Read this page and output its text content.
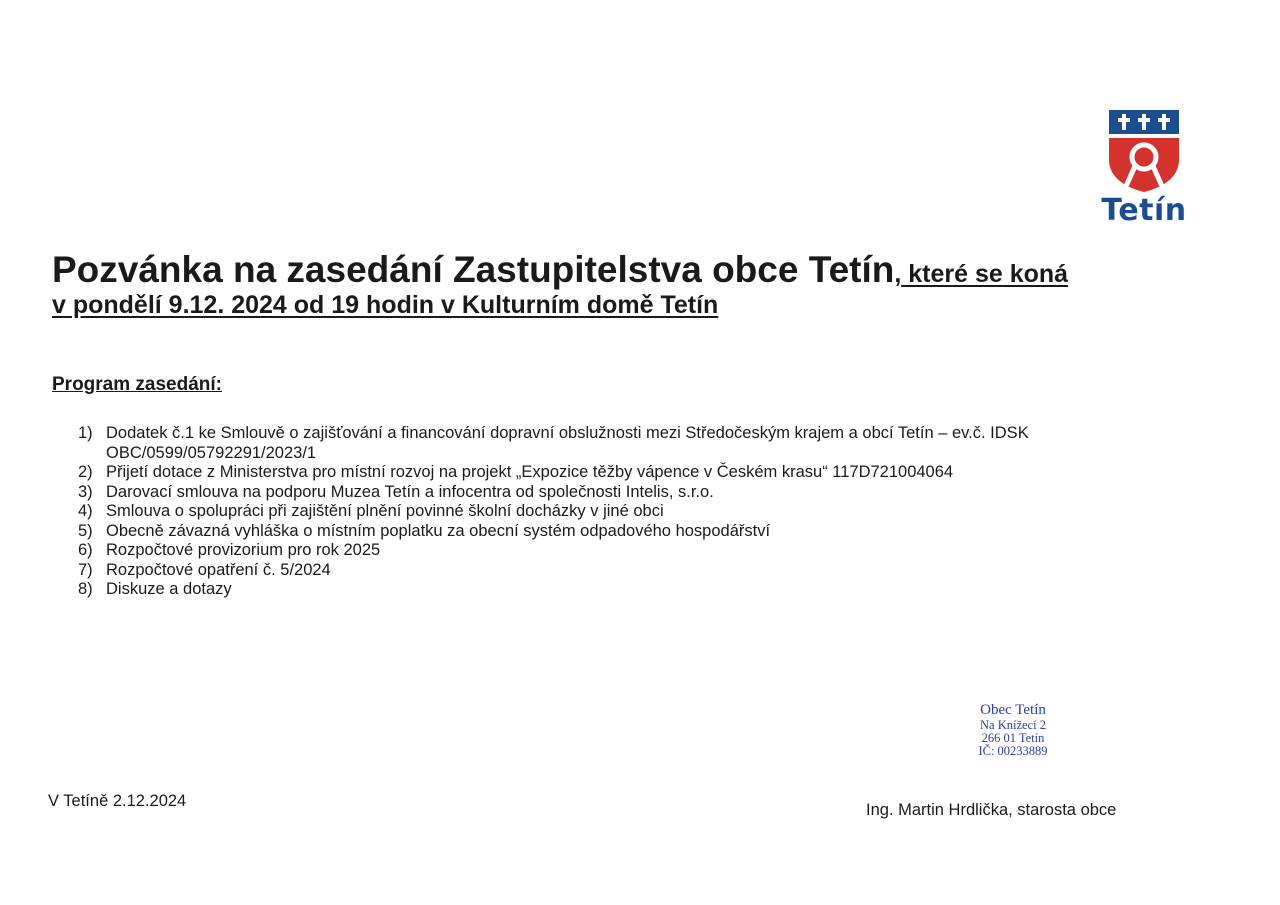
Tetín
Pozvánka na zasedání Zastupitelstva obce Tetín, které se koná
v pondělí 9.12. 2024 od 19 hodin v Kulturním domě Tetín
Program zasedání:
1) Dodatek č.1 ke Smlouvě o zajišťování a financování dopravní obslužnosti mezi Středočeským krajem a obcí Tetín – ev.č. IDSK OBC/0599/05792291/2023/1
2) Přijetí dotace z Ministerstva pro místní rozvoj na projekt „Expozice těžby vápence v Českém krasu“ 117D721004064
3) Darovací smlouva na podporu Muzea Tetín a infocentra od společnosti Intelis, s.r.o.
4) Smlouva o spolupráci při zajištění plnění povinné školní docházky v jiné obci
5) Obecně závazná vyhláška o místním poplatku za obecní systém odpadového hospodářství
6) Rozpočtové provizorium pro rok 2025
7) Rozpočtové opatření č. 5/2024
8) Diskuze a dotazy
Obec Tetín
Na Knížecí 2
266 01 Tetín
IČ: 00233889
V Tetíně 2.12.2024	Ing. Martin Hrdlička, starosta obce
